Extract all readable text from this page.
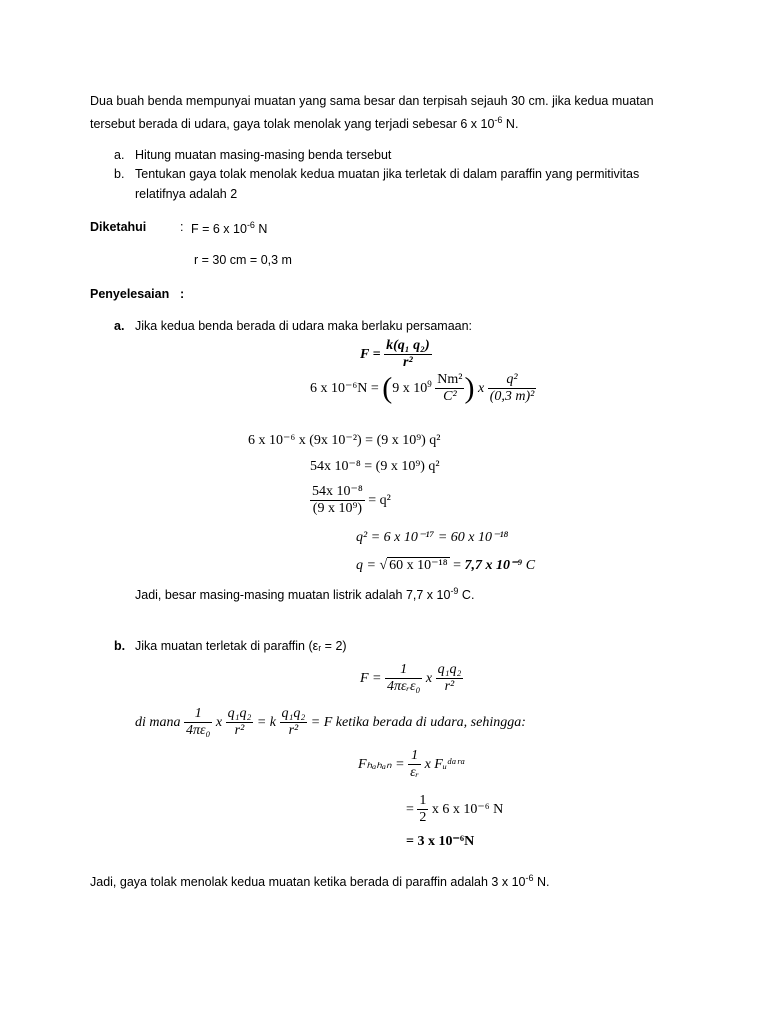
Dua buah benda mempunyai muatan yang sama besar dan terpisah sejauh 30 cm. jika kedua muatan
tersebut berada di udara, gaya tolak menolak yang terjadi sebesar 6 x $10^{-6}$ N.
a. Hitung muatan masing-masing benda tersebut
b. Tentukan gaya tolak menolak kedua muatan jika terletak di dalam paraffin yang permitivitas
relatifnya adalah 2
Diketahui	: F = 6 x $10^{-6}$ N
r = 30 cm = 0,3 m
Penyelesaian :
a. Jika kedua benda berada di udara maka berlaku persamaan:
$F = \frac{\text{k(q₁ q₂)}}{\text{r²}}$
6 x 10⁻⁶N = (9 x $10^9 \frac{\text{Nm²}}{\text{C²}}$ ) x $\frac{\text{q²}}{\text{(0,3 m)²}}$
6 x 10⁻⁶ x (9x 10⁻²) = (9 x 10⁹) q²
54x 10⁻⁸ = (9 x 10⁹) q²
$\frac{\text{54x 10⁻⁸}}{\text{(9 x 10⁹)}} = q^2$
q² = 6 x 10⁻¹⁷ = 60 x 10⁻¹⁸
q = √ 60 x 10⁻¹⁸ = 7,7 x 10⁻⁹ C
Jadi, besar masing-masing muatan listrik adalah 7,7 x $10^{-9}$ C.
b. Jika muatan terletak di paraffin (εᵣ = 2)
$F = \frac{1}{\text{4πεᵣε₀}}$ x $\frac{\text{q₁q₂}}{\text{r²}}$
di mana $\frac{1}{\text{4πε₀}}$ x $\frac{\text{q₁q₂}}{\text{r²}} = k \frac{\text{q₁q₂}}{\text{r²}} = F$ ketika berada di udara, sehingga:
$F_{hahan} = \frac{1}{\text{εᵣ}}$ x Fᵤᵈᵃʳᵃ
= $\frac{1}{2}$ x 6 x 10⁻⁶ N
= 3 x 10⁻⁶N
Jadi, gaya tolak menolak kedua muatan ketika berada di paraffin adalah 3 x $10^{-6}$ N.
